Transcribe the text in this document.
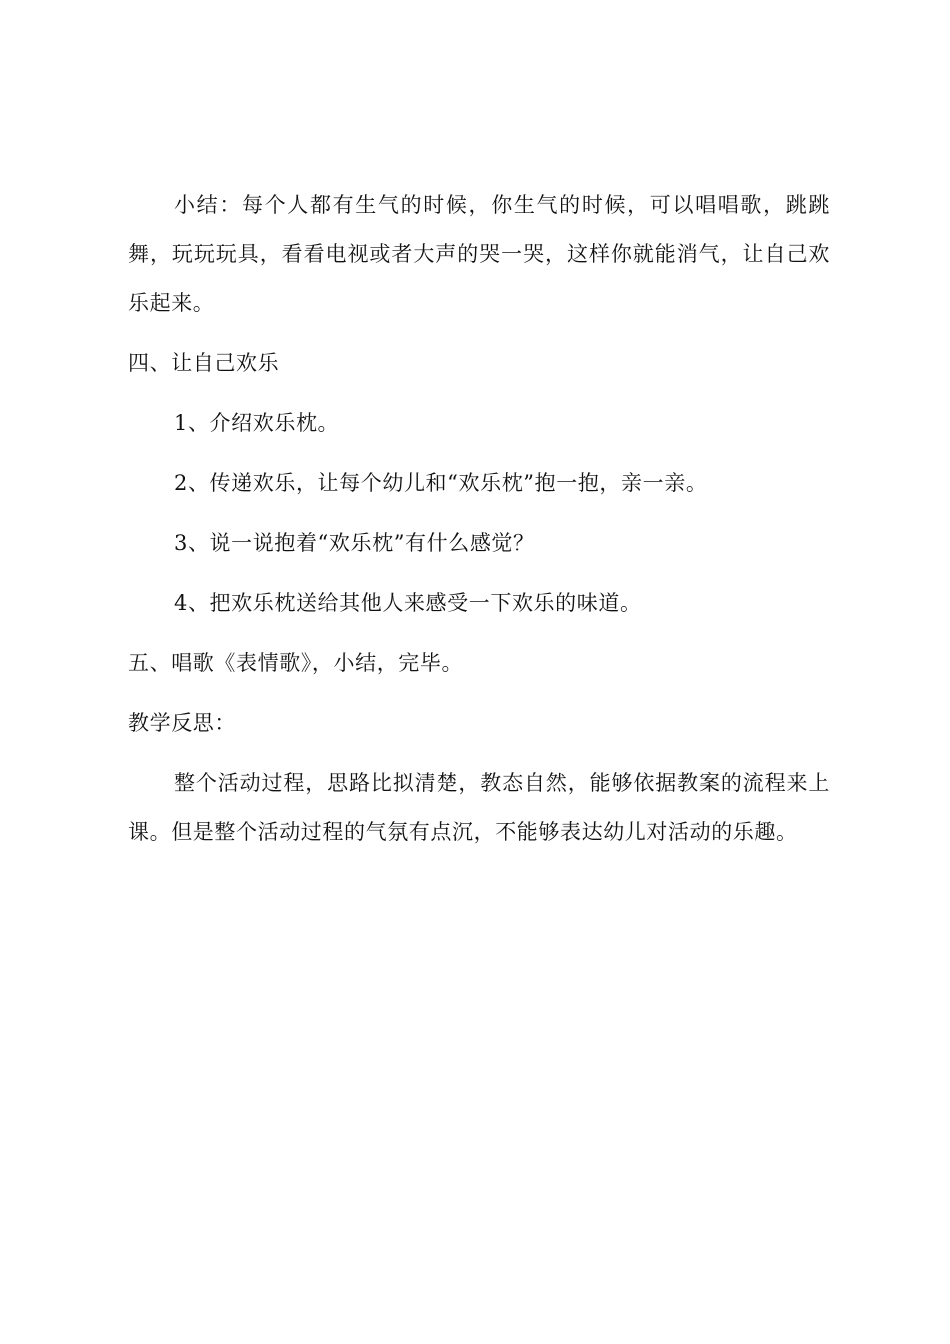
小结：每个人都有生气的时候，你生气的时候，可以唱唱歌，跳跳舞，玩玩玩具，看看电视或者大声的哭一哭，这样你就能消气，让自己欢乐起来。

四、让自己欢乐

1、介绍欢乐枕。

2、传递欢乐，让每个幼儿和“欢乐枕”抱一抱，亲一亲。

3、说一说抱着“欢乐枕”有什么感觉？

4、把欢乐枕送给其他人来感受一下欢乐的味道。

五、唱歌《表情歌》，小结，完毕。

教学反思：

整个活动过程，思路比拟清楚，教态自然，能够依据教案的流程来上课。但是整个活动过程的气氛有点沉，不能够表达幼儿对活动的乐趣。
